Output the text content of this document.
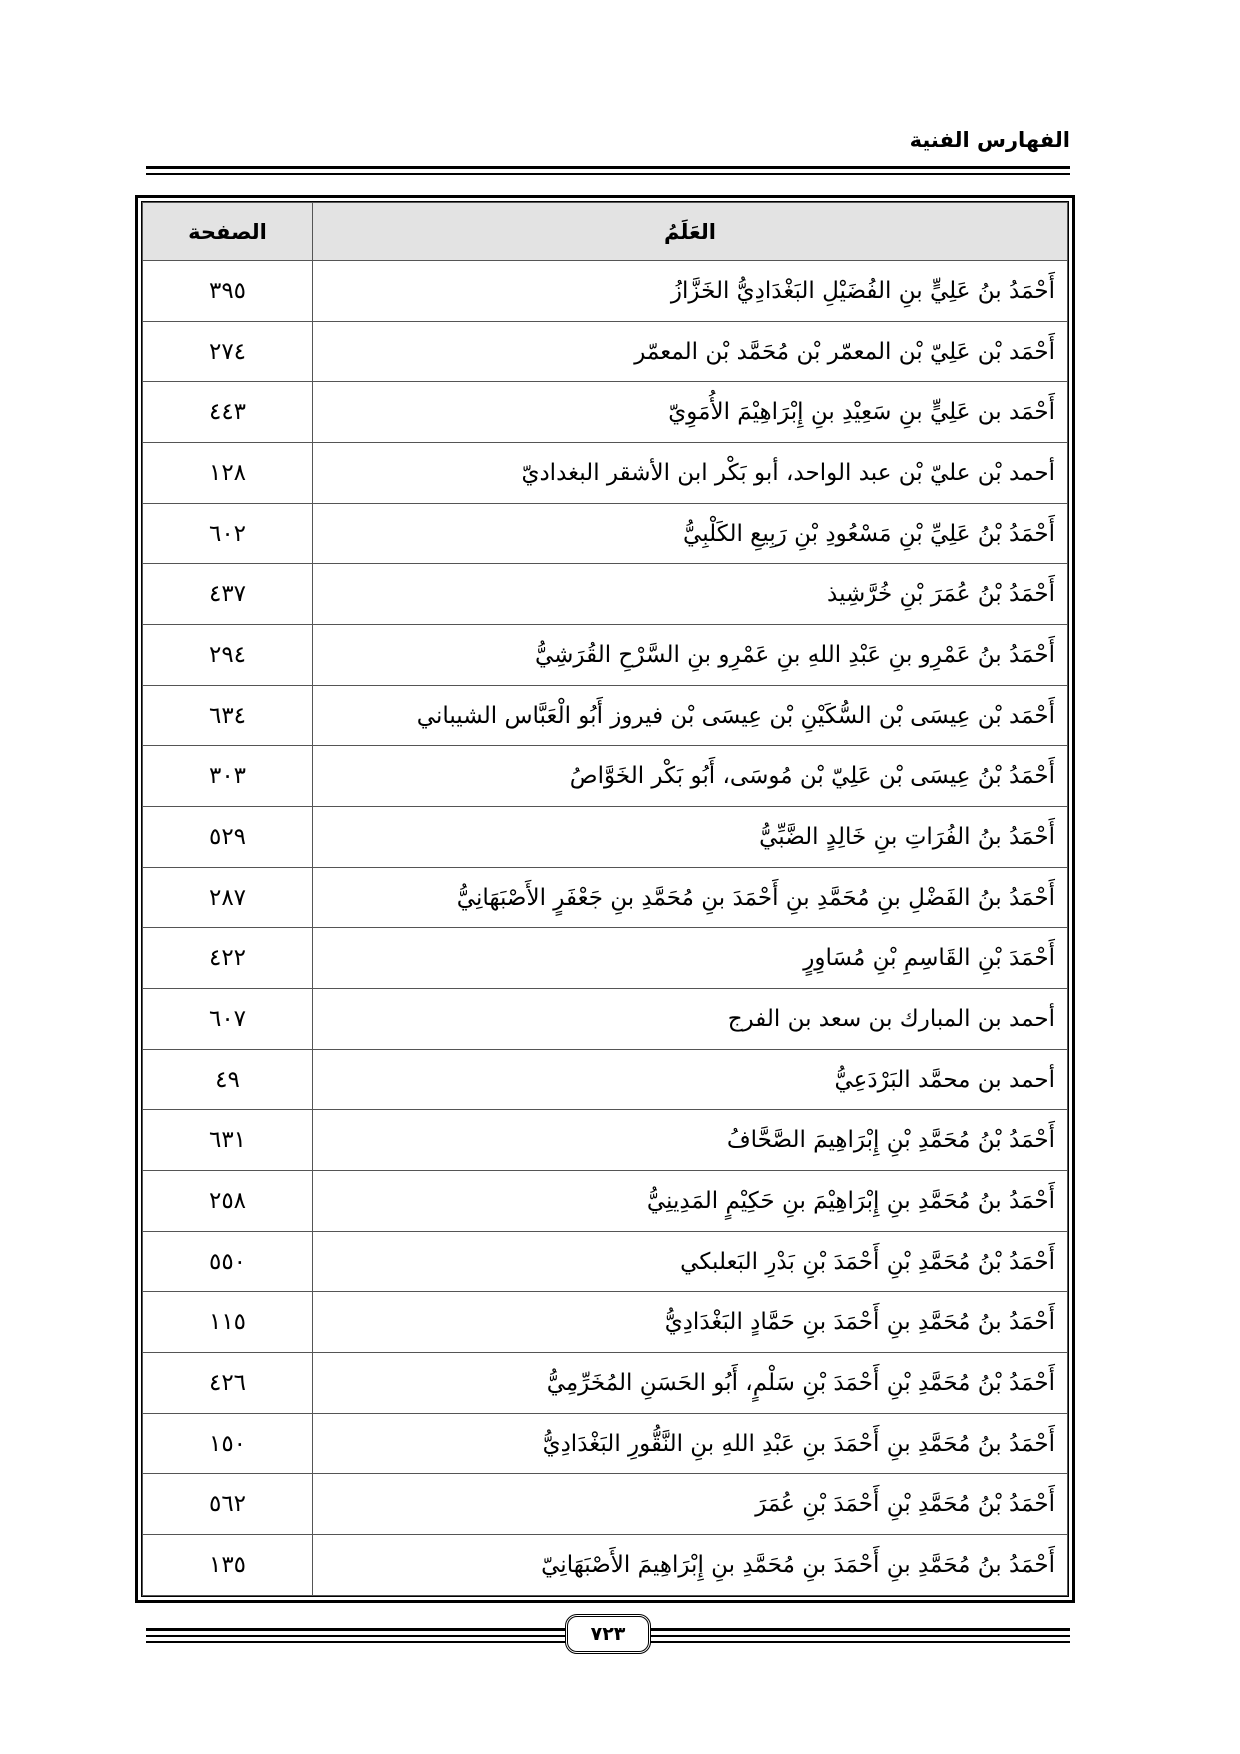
الفهارس الفنية
العَلَمُ	الصفحة
أَحْمَدُ بنُ عَلِيٍّ بنِ الفُضَيْلِ البَغْدَادِيُّ الخَزَّازُ	٣٩٥
أَحْمَد بْن عَلِيّ بْن المعمّر بْن مُحَمَّد بْن المعمّر	٢٧٤
أَحْمَد بن عَلِيٍّ بنِ سَعِيْدِ بنِ إِبْرَاهِيْمَ الأُمَوِيّ	٤٤٣
أحمد بْن عليّ بْن عبد الواحد، أبو بَكْر ابن الأشقر البغداديّ	١٢٨
أَحْمَدُ بْنُ عَلِيِّ بْنِ مَسْعُودِ بْنِ رَبِيعِ الكَلْبِيُّ	٦٠٢
أَحْمَدُ بْنُ عُمَرَ بْنِ خُرَّشِيذ	٤٣٧
أَحْمَدُ بنُ عَمْرِو بنِ عَبْدِ اللهِ بنِ عَمْرِو بنِ السَّرْحِ القُرَشِيُّ	٢٩٤
أَحْمَد بْن عِيسَى بْن السُّكَيْنِ بْن عِيسَى بْن فيروز أَبُو الْعَبَّاس الشيباني	٦٣٤
أَحْمَدُ بْنُ عِيسَى بْن عَلِيّ بْن مُوسَى، أَبُو بَكْر الخَوَّاصُ	٣٠٣
أَحْمَدُ بنُ الفُرَاتِ بنِ خَالِدٍ الضَّبِّيُّ	٥٢٩
أَحْمَدُ بنُ الفَضْلِ بنِ مُحَمَّدِ بنِ أَحْمَدَ بنِ مُحَمَّدِ بنِ جَعْفَرٍ الأَصْبَهَانِيُّ	٢٨٧
أَحْمَدَ بْنِ القَاسِمِ بْنِ مُسَاوِرٍ	٤٢٢
أحمد بن المبارك بن سعد بن الفرج	٦٠٧
أحمد بن محمَّد البَرْدَعِيُّ	٤٩
أَحْمَدُ بْنُ مُحَمَّدِ بْنِ إِبْرَاهِيمَ الصَّحَّافُ	٦٣١
أَحْمَدُ بنُ مُحَمَّدِ بنِ إِبْرَاهِيْمَ بنِ حَكِيْمٍ المَدِينِيُّ	٢٥٨
أَحْمَدُ بْنُ مُحَمَّدِ بْنِ أَحْمَدَ بْنِ بَدْرِ البَعلبكي	٥٥٠
أَحْمَدُ بنُ مُحَمَّدِ بنِ أَحْمَدَ بنِ حَمَّادٍ البَغْدَادِيُّ	١١٥
أَحْمَدُ بْنُ مُحَمَّدِ بْنِ أَحْمَدَ بْنِ سَلْمٍ، أَبُو الحَسَنِ المُخَرِّمِيُّ	٤٢٦
أَحْمَدُ بنُ مُحَمَّدِ بنِ أَحْمَدَ بنِ عَبْدِ اللهِ بنِ النَّقُّورِ البَغْدَادِيُّ	١٥٠
أَحْمَدُ بْنُ مُحَمَّدِ بْنِ أَحْمَدَ بْنِ عُمَرَ	٥٦٢
أَحْمَدُ بنُ مُحَمَّدِ بنِ أَحْمَدَ بنِ مُحَمَّدِ بنِ إِبْرَاهِيمَ الأَصْبَهَانِيّ	١٣٥
٧٢٣
